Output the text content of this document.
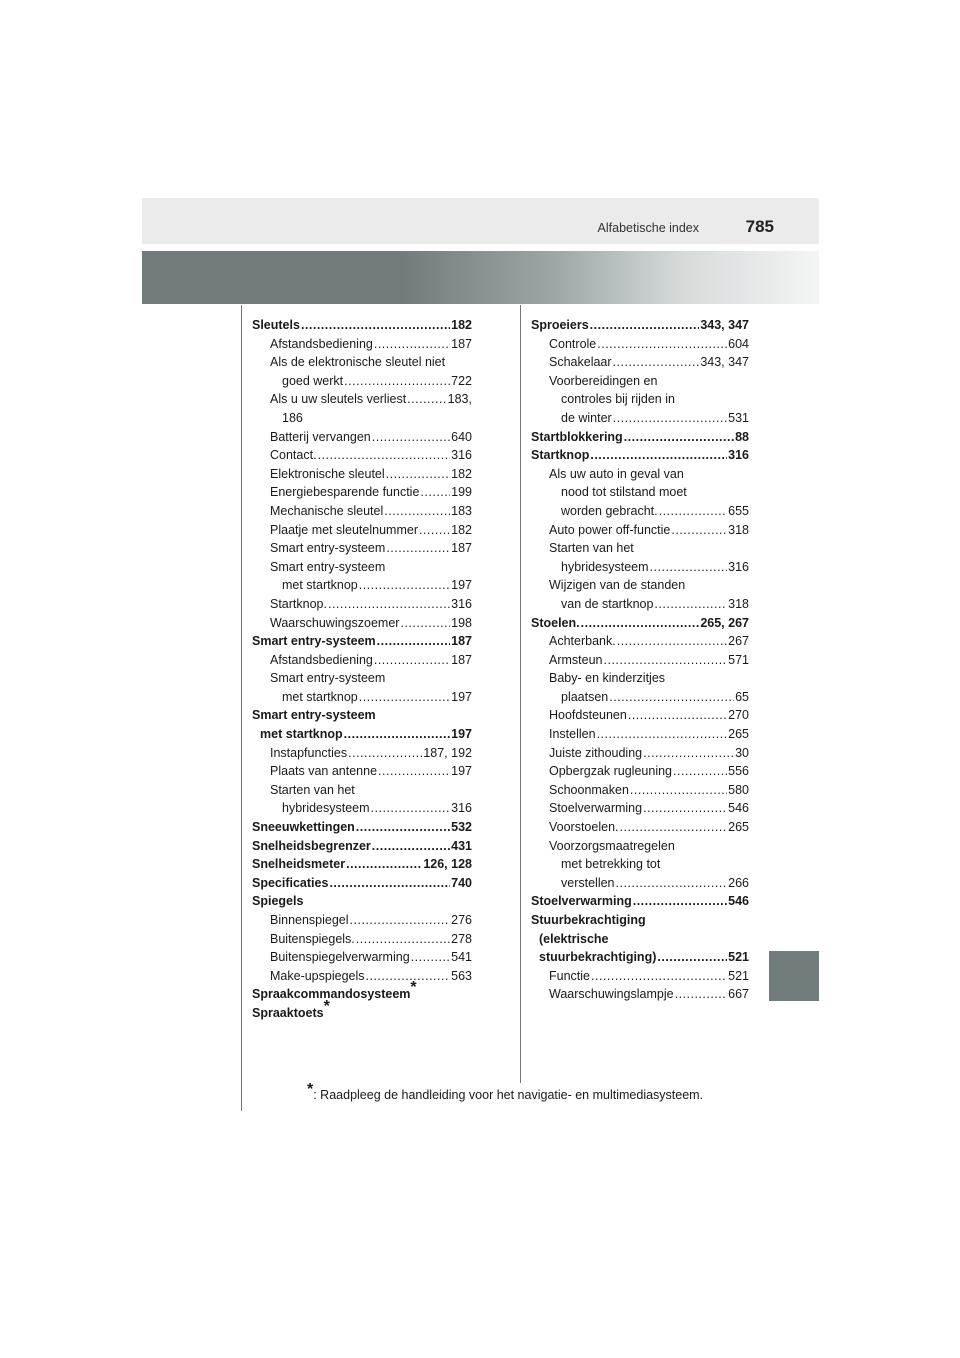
Alfabetische index	785
Sleutels .....	182
Afstandsbediening .....	187
Als de elektronische sleutel niet
goed werkt .....	722
Als u uw sleutels verliest .....	183,
186
Batterij vervangen .....	640
Contact. .....	316
Elektronische sleutel .....	182
Energiebesparende functie .....	199
Mechanische sleutel .....	183
Plaatje met sleutelnummer .....	182
Smart entry-systeem .....	187
Smart entry-systeem
met startknop .....	197
Startknop. .....	316
Waarschuwingszoemer .....	198
Smart entry-systeem .....	187
Afstandsbediening .....	187
Smart entry-systeem
met startknop .....	197
Smart entry-systeem
met startknop .....	197
Instapfuncties .....	187, 192
Plaats van antenne .....	197
Starten van het
hybridesysteem .....	316
Sneeuwkettingen .....	532
Snelheidsbegrenzer .....	431
Snelheidsmeter .....	126, 128
Specificaties .....	740
Spiegels
Binnenspiegel .....	276
Buitenspiegels. .....	278
Buitenspiegelverwarming .....	541
Make-upspiegels .....	563
Spraakcommandosysteem*
Spraaktoets*
Sproeiers .....	343, 347
Controle .....	604
Schakelaar .....	343, 347
Voorbereidingen en
controles bij rijden in
de winter .....	531
Startblokkering .....	88
Startknop .....	316
Als uw auto in geval van
nood tot stilstand moet
worden gebracht. .....	655
Auto power off-functie .....	318
Starten van het
hybridesysteem .....	316
Wijzigen van de standen
van de startknop .....	318
Stoelen. .....	265, 267
Achterbank. .....	267
Armsteun .....	571
Baby- en kinderzitjes
plaatsen .....	65
Hoofdsteunen .....	270
Instellen .....	265
Juiste zithouding .....	30
Opbergzak rugleuning .....	556
Schoonmaken .....	580
Stoelverwarming .....	546
Voorstoelen. .....	265
Voorzorgsmaatregelen
met betrekking tot
verstellen .....	266
Stoelverwarming .....	546
Stuurbekrachtiging
(elektrische
stuurbekrachtiging) .....	521
Functie .....	521
Waarschuwingslampje .....	667
*: Raadpleeg de handleiding voor het navigatie- en multimediasysteem.
